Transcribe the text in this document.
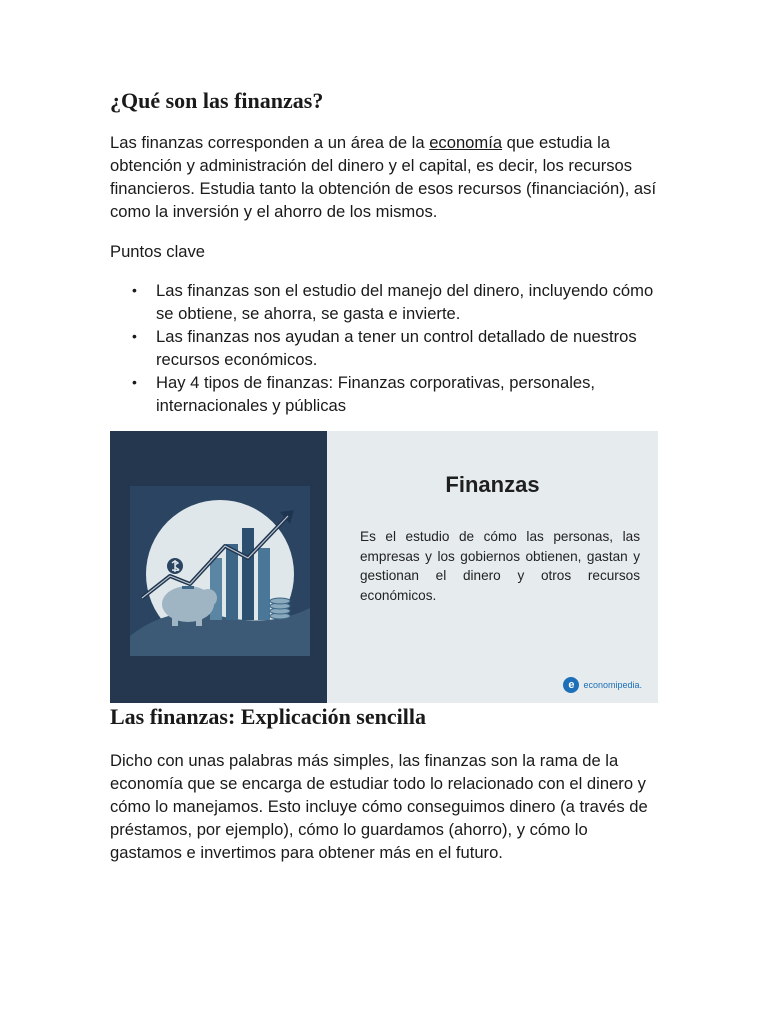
¿Qué son las finanzas?

Las finanzas corresponden a un área de la economía que estudia la obtención y administración del dinero y el capital, es decir, los recursos financieros. Estudia tanto la obtención de esos recursos (financiación), así como la inversión y el ahorro de los mismos.

Puntos clave

• Las finanzas son el estudio del manejo del dinero, incluyendo cómo se obtiene, se ahorra, se gasta e invierte.
• Las finanzas nos ayudan a tener un control detallado de nuestros recursos económicos.
• Hay 4 tipos de finanzas: Finanzas corporativas, personales, internacionales y públicas
Finanzas
Es el estudio de cómo las personas, las empresas y los gobiernos obtienen, gastan y gestionan el dinero y otros recursos económicos.
e economipedia.
Las finanzas: Explicación sencilla

Dicho con unas palabras más simples, las finanzas son la rama de la economía que se encarga de estudiar todo lo relacionado con el dinero y cómo lo manejamos. Esto incluye cómo conseguimos dinero (a través de préstamos, por ejemplo), cómo lo guardamos (ahorro), y cómo lo gastamos e invertimos para obtener más en el futuro.
